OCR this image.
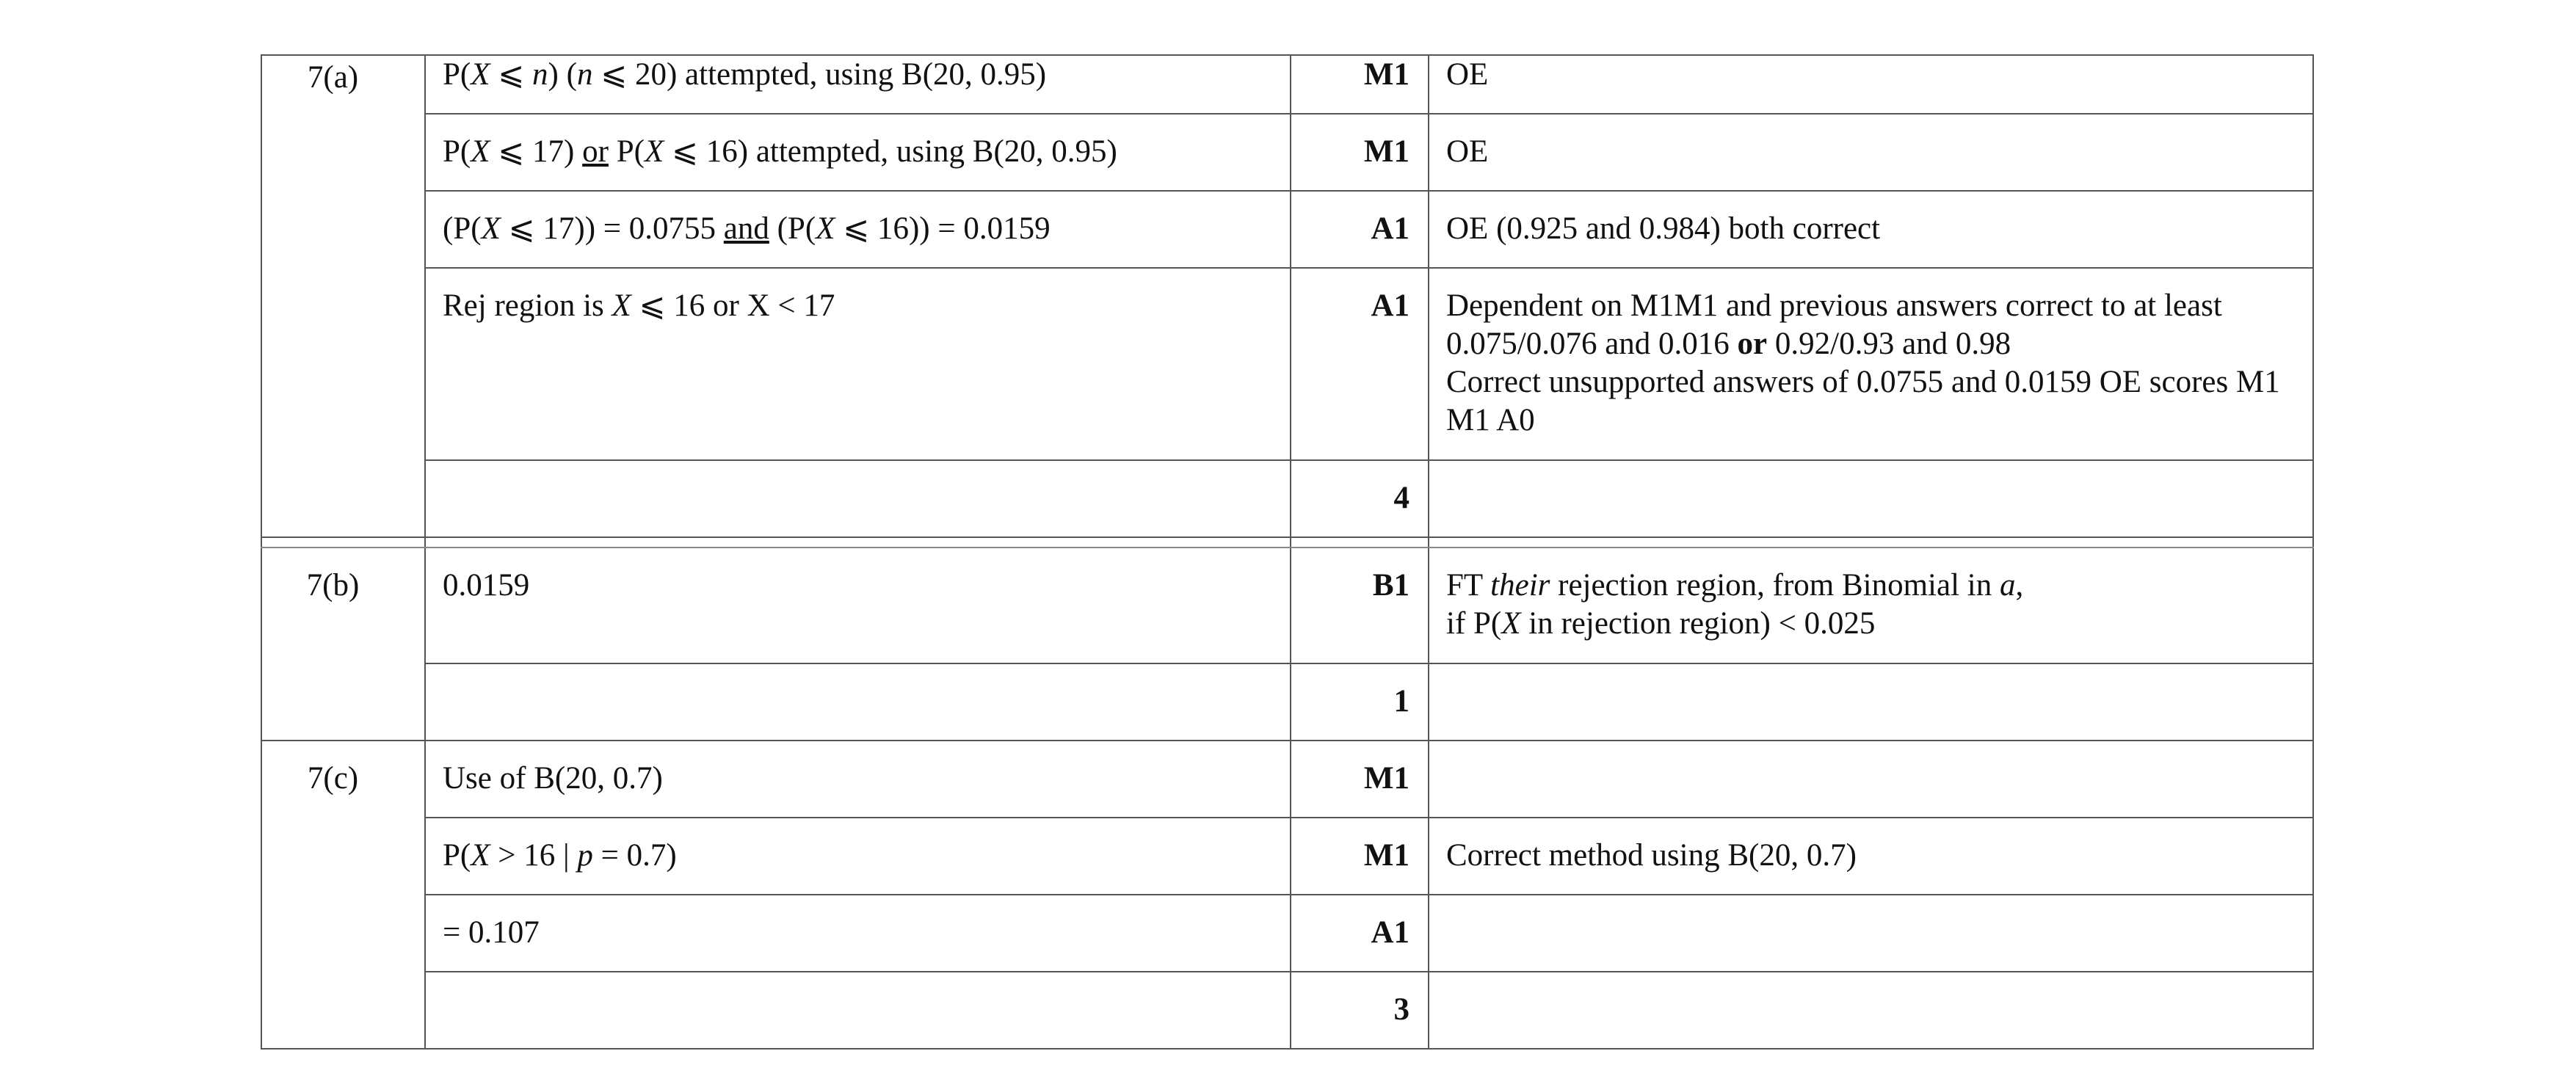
7(a)	P(X ⩽ n) (n ⩽ 20) attempted, using B(20, 0.95)	M1	OE

	P(X ⩽ 17) or P(X ⩽ 16) attempted, using B(20, 0.95)	M1	OE

	(P(X ⩽ 17)) = 0.0755 and (P(X ⩽ 16)) = 0.0159	A1	OE (0.925 and 0.984) both correct

	Rej region is X ⩽ 16 or X < 17	A1	Dependent on M1M1 and previous answers correct to at least 0.075/0.076 and 0.016 or 0.92/0.93 and 0.98
Correct unsupported answers of 0.0755 and 0.0159 OE scores M1 M1 A0

		4	

7(b)	0.0159	B1	FT their rejection region, from Binomial in a,
if P(X in rejection region) < 0.025

		1	

7(c)	Use of B(20, 0.7)	M1	

	P(X > 16 | p = 0.7)	M1	Correct method using B(20, 0.7)

	= 0.107	A1	

		3	
